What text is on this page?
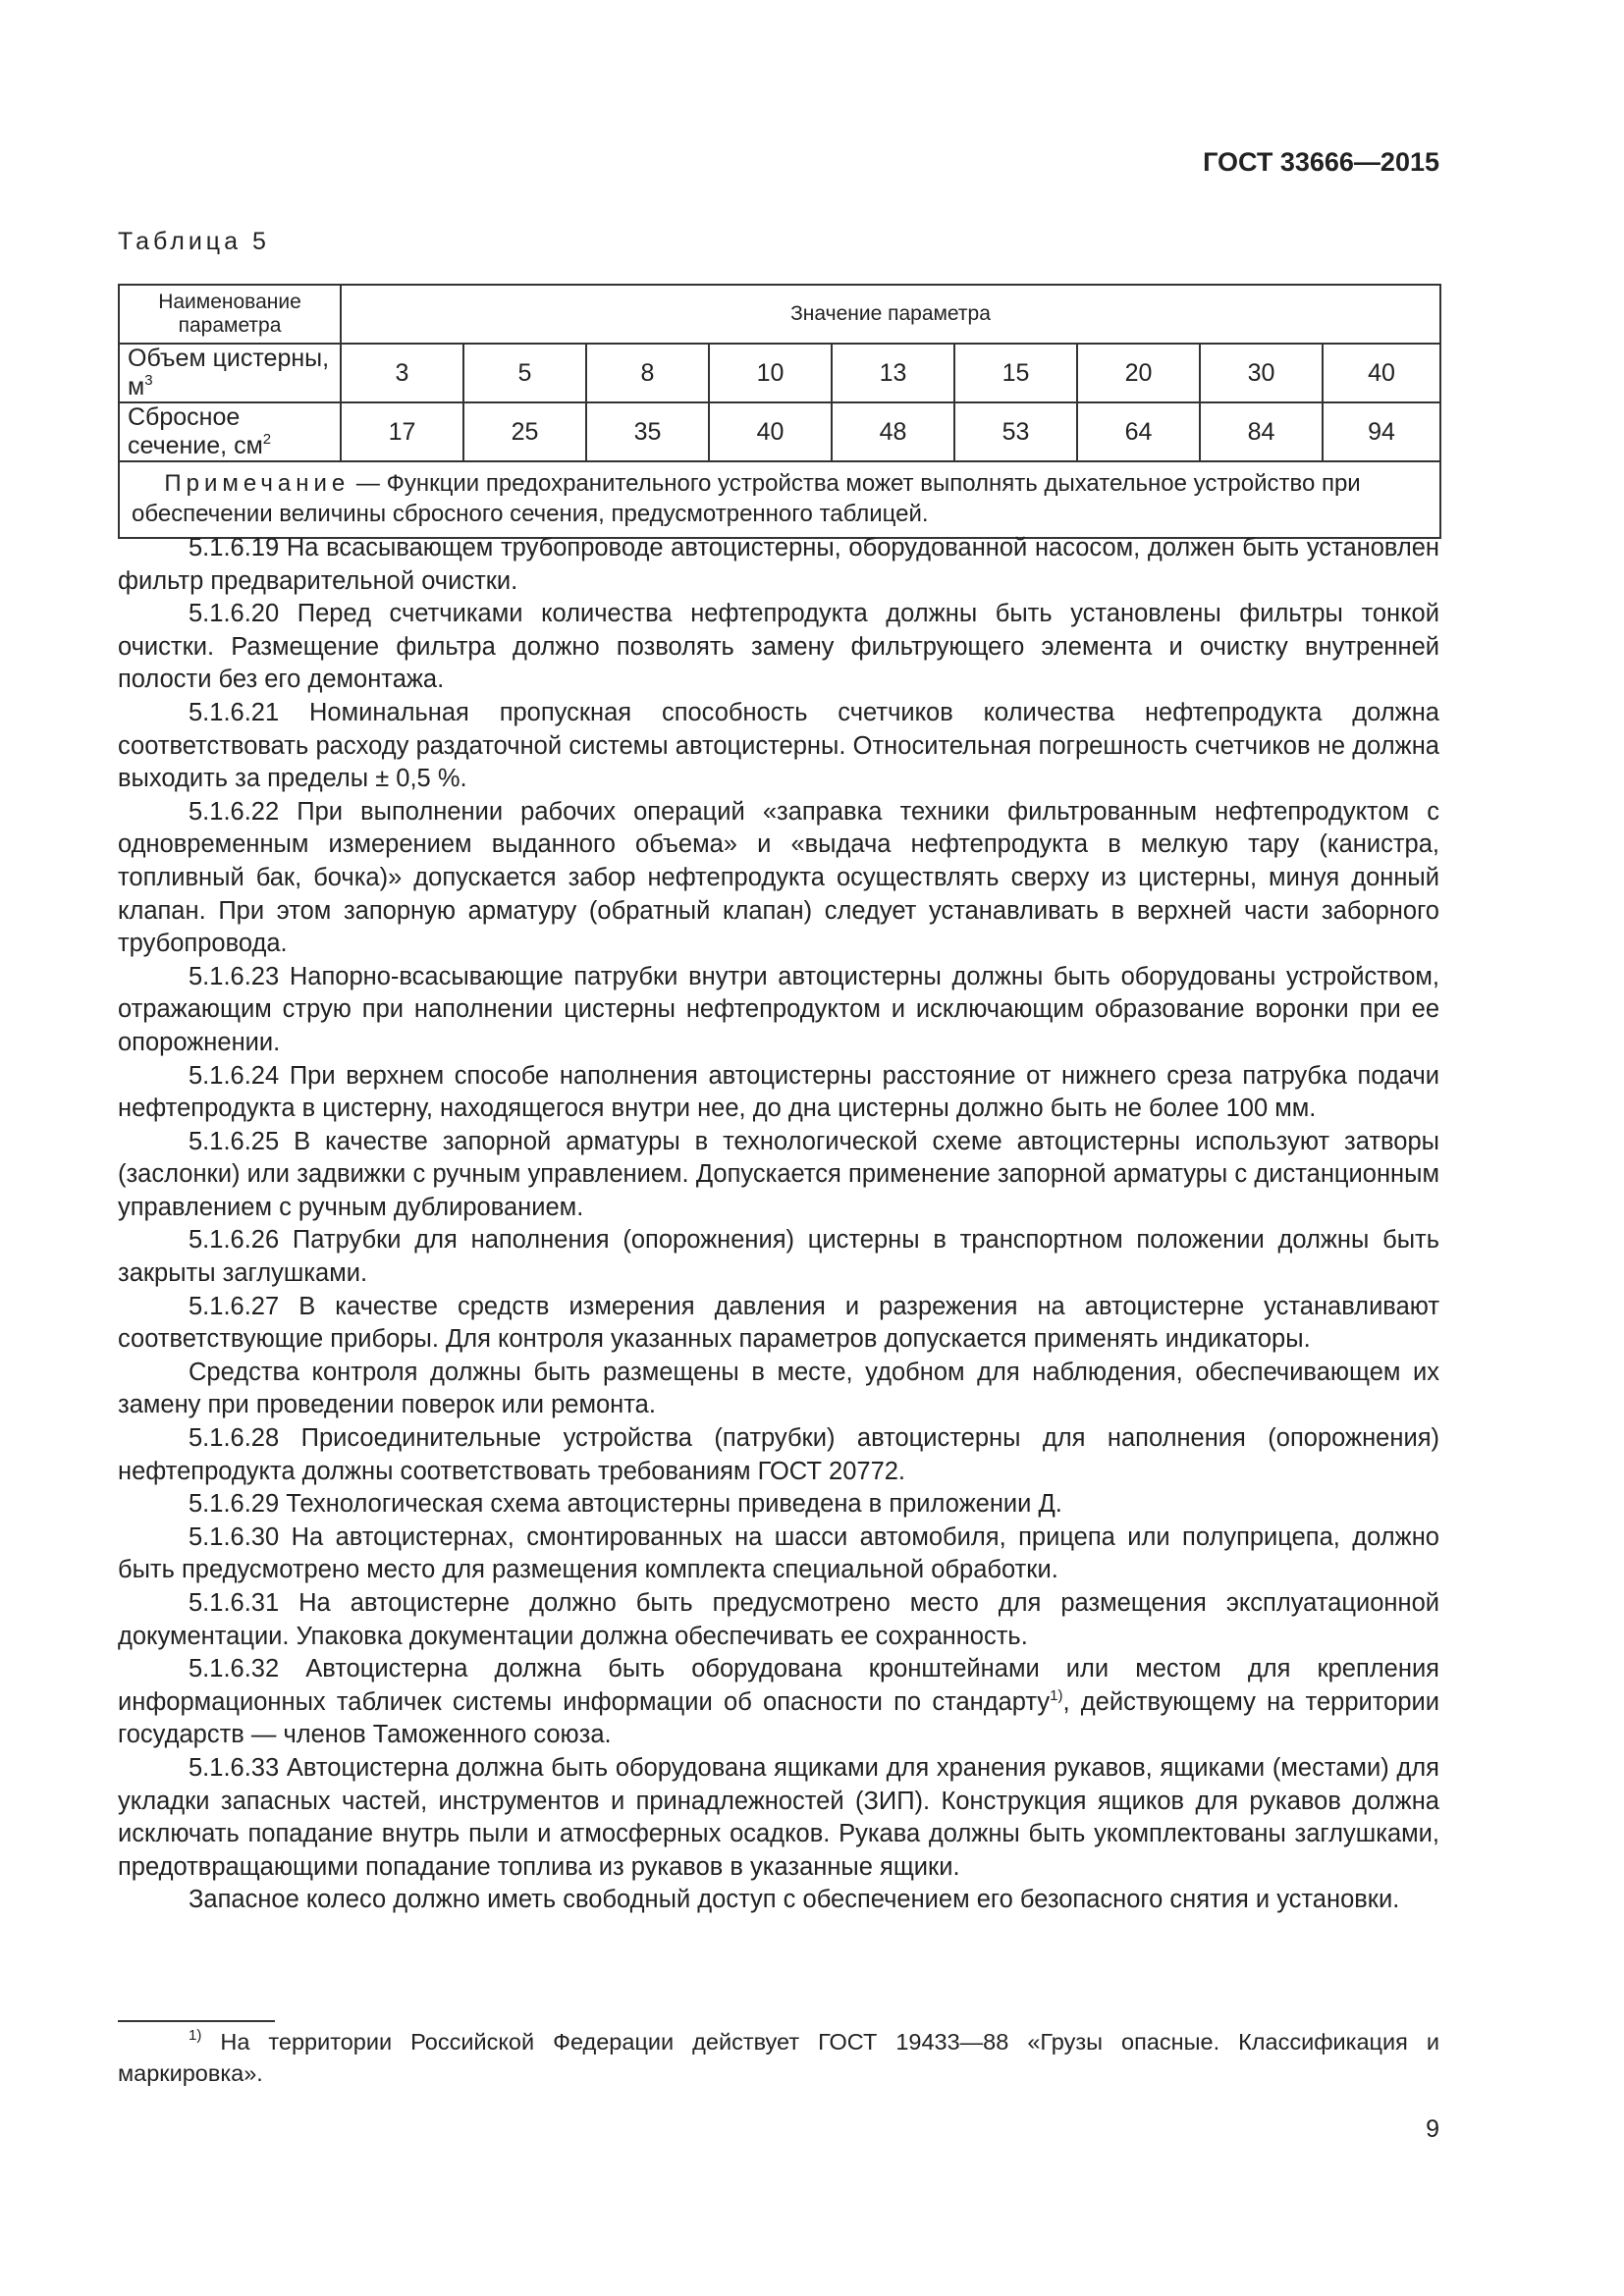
ГОСТ 33666—2015
Таблица 5
Наименование параметра	Значение параметра								
Объем цистерны, $м^3$	3	5	8	10	13	15	20	30	40
Сбросное сечение, $см^2$	17	25	35	40	48	53	64	84	94
Примечание — Функции предохранительного устройства может выполнять дыхательное устройство при обеспечении величины сбросного сечения, предусмотренного таблицей.									

5.1.6.19 На всасывающем трубопроводе автоцистерны, оборудованной насосом, должен быть установлен фильтр предварительной очистки.

5.1.6.20 Перед счетчиками количества нефтепродукта должны быть установлены фильтры тонкой очистки. Размещение фильтра должно позволять замену фильтрующего элемента и очистку внутренней полости без его демонтажа.

5.1.6.21 Номинальная пропускная способность счетчиков количества нефтепродукта должна соответствовать расходу раздаточной системы автоцистерны. Относительная погрешность счетчиков не должна выходить за пределы ± 0,5 %.

5.1.6.22 При выполнении рабочих операций «заправка техники фильтрованным нефтепродуктом с одновременным измерением выданного объема» и «выдача нефтепродукта в мелкую тару (канистра, топливный бак, бочка)» допускается забор нефтепродукта осуществлять сверху из цистерны, минуя донный клапан. При этом запорную арматуру (обратный клапан) следует устанавливать в верхней части заборного трубопровода.

5.1.6.23 Напорно-всасывающие патрубки внутри автоцистерны должны быть оборудованы устройством, отражающим струю при наполнении цистерны нефтепродуктом и исключающим образование воронки при ее опорожнении.

5.1.6.24 При верхнем способе наполнения автоцистерны расстояние от нижнего среза патрубка подачи нефтепродукта в цистерну, находящегося внутри нее, до дна цистерны должно быть не более 100 мм.

5.1.6.25 В качестве запорной арматуры в технологической схеме автоцистерны используют затворы (заслонки) или задвижки с ручным управлением. Допускается применение запорной арматуры с дистанционным управлением с ручным дублированием.

5.1.6.26 Патрубки для наполнения (опорожнения) цистерны в транспортном положении должны быть закрыты заглушками.

5.1.6.27 В качестве средств измерения давления и разрежения на автоцистерне устанавливают соответствующие приборы. Для контроля указанных параметров допускается применять индикаторы.

Средства контроля должны быть размещены в месте, удобном для наблюдения, обеспечивающем их замену при проведении поверок или ремонта.

5.1.6.28 Присоединительные устройства (патрубки) автоцистерны для наполнения (опорожнения) нефтепродукта должны соответствовать требованиям ГОСТ 20772.

5.1.6.29 Технологическая схема автоцистерны приведена в приложении Д.

5.1.6.30 На автоцистернах, смонтированных на шасси автомобиля, прицепа или полуприцепа, должно быть предусмотрено место для размещения комплекта специальной обработки.

5.1.6.31 На автоцистерне должно быть предусмотрено место для размещения эксплуатационной документации. Упаковка документации должна обеспечивать ее сохранность.

5.1.6.32 Автоцистерна должна быть оборудована кронштейнами или местом для крепления информационных табличек системы информации об опасности по стандарту$^{1)}$, действующему на территории государств — членов Таможенного союза.

5.1.6.33 Автоцистерна должна быть оборудована ящиками для хранения рукавов, ящиками (местами) для укладки запасных частей, инструментов и принадлежностей (ЗИП). Конструкция ящиков для рукавов должна исключать попадание внутрь пыли и атмосферных осадков. Рукава должны быть укомплектованы заглушками, предотвращающими попадание топлива из рукавов в указанные ящики.

Запасное колесо должно иметь свободный доступ с обеспечением его безопасного снятия и установки.

$^{1)}$ На территории Российской Федерации действует ГОСТ 19433—88 «Грузы опасные. Классификация и маркировка».
9
